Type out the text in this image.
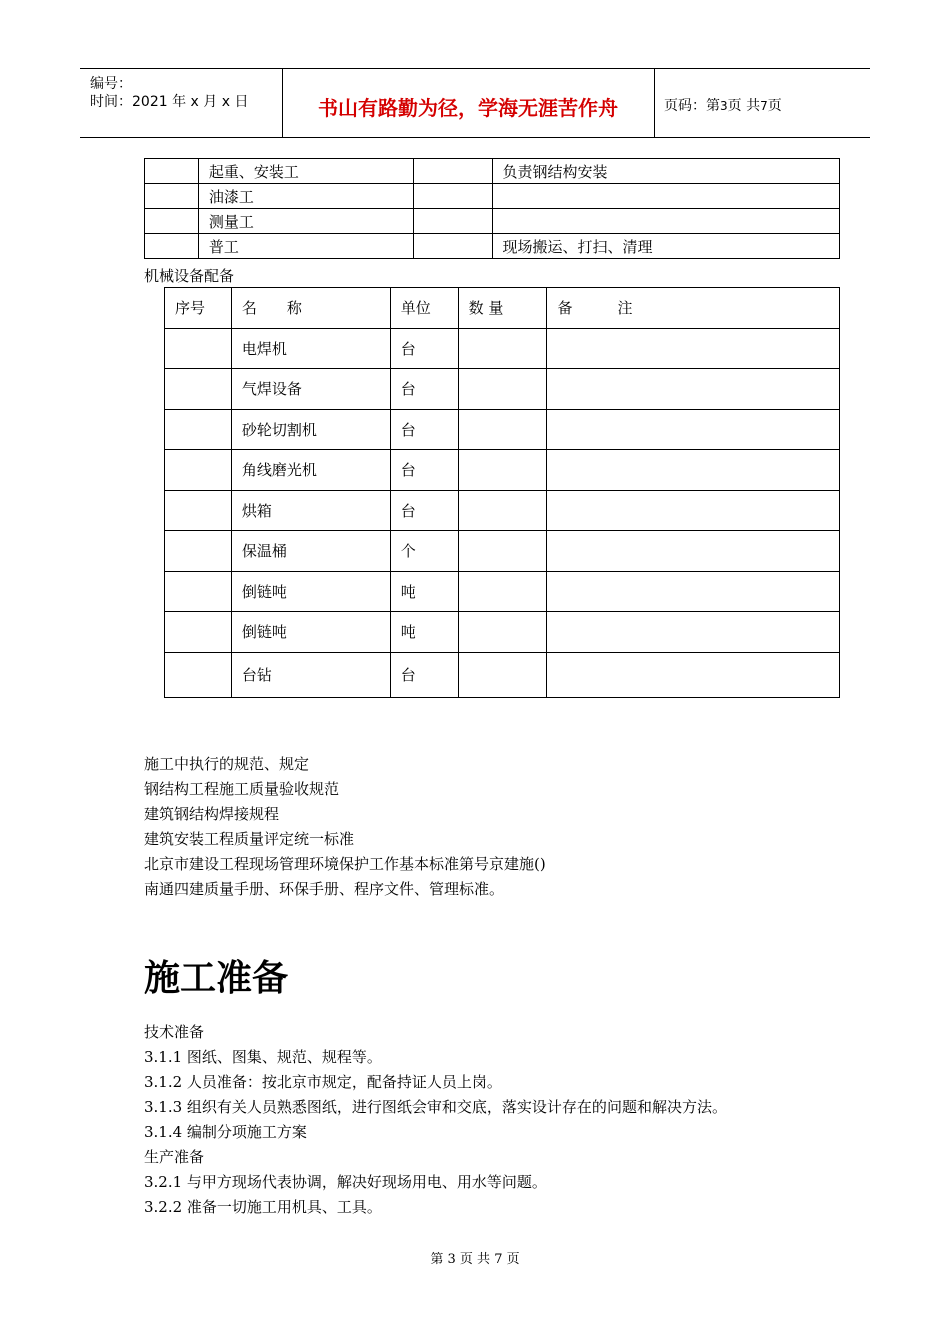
编号：
时间：2021 年 x 月 x 日	书山有路勤为径，学海无涯苦作舟	页码：第3页 共7页
	起重、安装工		负责钢结构安装
	油漆工		
	测量工		
	普工		现场搬运、打扫、清理
机械设备配备
序号	名　　称	单位	数 量	备　　　注
	电焊机	台		
	气焊设备	台		
	砂轮切割机	台		
	角线磨光机	台		
	烘箱	台		
	保温桶	个		
	倒链吨	吨		
	倒链吨	吨		
	台钻	台		
施工中执行的规范、规定
钢结构工程施工质量验收规范
建筑钢结构焊接规程
建筑安装工程质量评定统一标准
北京市建设工程现场管理环境保护工作基本标准第号京建施()
南通四建质量手册、环保手册、程序文件、管理标准。
施工准备
技术准备
3.1.1 图纸、图集、规范、规程等。
3.1.2 人员准备：按北京市规定，配备持证人员上岗。
3.1.3 组织有关人员熟悉图纸，进行图纸会审和交底，落实设计存在的问题和解决方法。
3.1.4 编制分项施工方案
生产准备
3.2.1 与甲方现场代表协调，解决好现场用电、用水等问题。
3.2.2 准备一切施工用机具、工具。
第 3 页 共 7 页
